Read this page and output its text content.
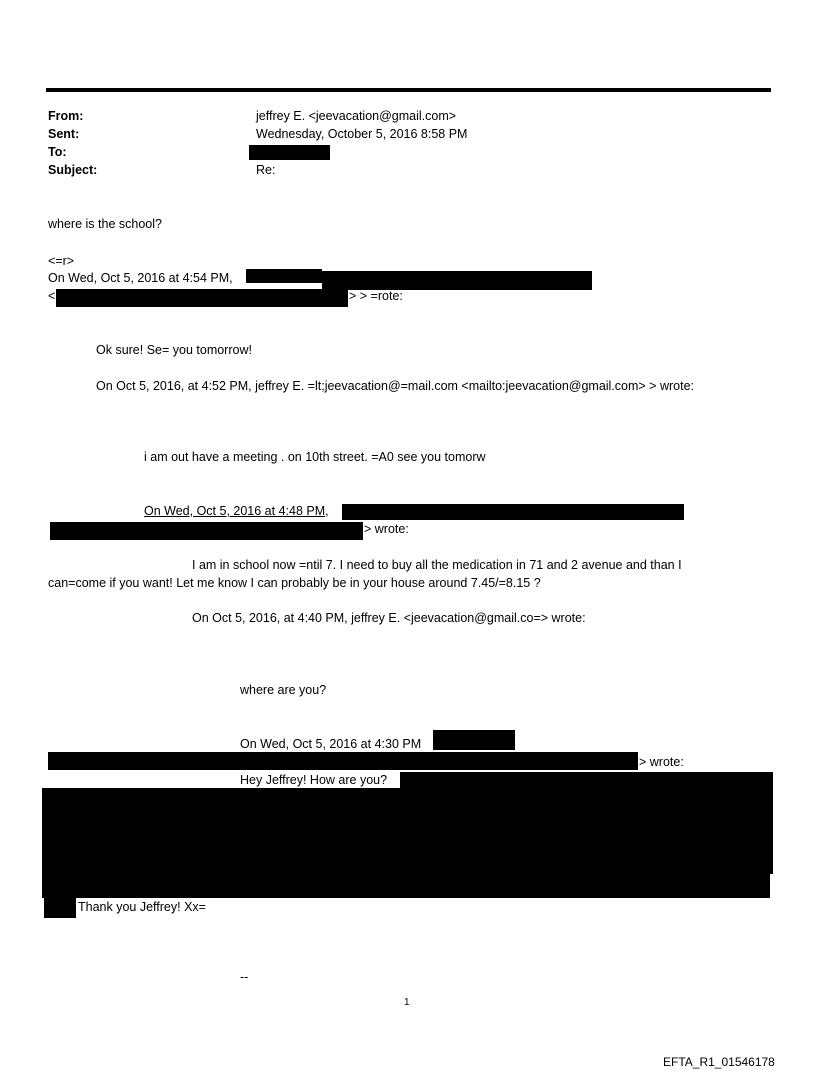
From:	jeffrey E. <jeevacation@gmail.com>
Sent:	Wednesday, October 5, 2016 8:58 PM
To:
Subject:	Re:
where is the school?
<=r>
On Wed, Oct 5, 2016 at 4:54 PM,
<	> > =rote:
Ok sure! Se= you tomorrow!
On Oct 5, 2016, at 4:52 PM, jeffrey E. =lt;jeevacation@=mail.com <mailto:jeevacation@gmail.com> > wrote:
i am out have a meeting . on 10th street. =A0 see you tomorw
On Wed, Oct 5, 2016 at 4:48 PM,
> wrote:
I am in school now =ntil 7. I need to buy all the medication in 71 and 2 avenue and than I
can=come if you want! Let me know I can probably be in your house around 7.45/=8.15 ?
On Oct 5, 2016, at 4:40 PM, jeffrey E. <jeevacation@gmail.co=> wrote:
where are you?
On Wed, Oct 5, 2016 at 4:30 PM
> wrote:
Hey Jeffrey! How are you?
Thank you Jeffrey! Xx=
--
1
EFTA_R1_01546178
